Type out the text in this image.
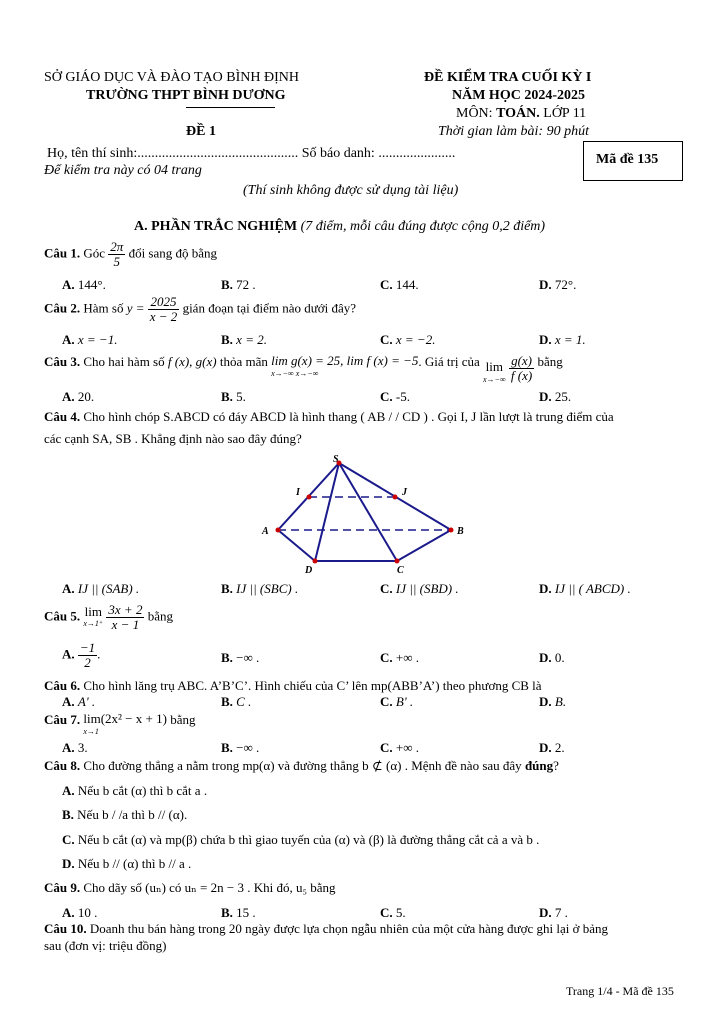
SỞ GIÁO DỤC VÀ ĐÀO TẠO BÌNH ĐỊNH
TRƯỜNG THPT BÌNH DƯƠNG
ĐỀ KIỂM TRA CUỐI KỲ I
NĂM HỌC 2024-2025
MÔN: TOÁN. LỚP 11
ĐỀ 1	Thời gian làm bài: 90 phút
Mã đề 135
Họ, tên thí sinh:.............................................. Số báo danh: ......................
Để kiểm tra này có 04 trang
(Thí sinh không được sử dụng tài liệu)
A. PHẦN TRẮC NGHIỆM (7 điểm, mỗi câu đúng được cộng 0,2 điểm)
Câu 1. Góc $\frac{2\pi}{5}$ đổi sang độ bằng
A. 144°.	B. 72 .	C. 144.	D. 72°.
Câu 2. Hàm số $y = \frac{2025}{x - 2}$ gián đoạn tại điểm nào dưới đây?
A. x = −1.	B. x = 2.	C. x = −2.	D. x = 1.
Câu 3. Cho hai hàm số f (x), g(x) thỏa mãn lim g(x) = 25, lim f (x) = −5
x→−∞ x→−∞
. Giá trị của lim
x→−∞
$\frac{g(x)}{f (x)}$ bằng
A. 20.	B. 5.	C. -5.	D. 25.
Câu 4. Cho hình chóp S.ABCD có đáy ABCD là hình thang ( AB / / CD ) . Gọi I, J lần lượt là trung điểm của
các cạnh SA, SB . Khẳng định nào sao đây đúng?
S
I	J
A	B
D	C
A. IJ || (SAB) .	B. IJ || (SBC) .	C. IJ || (SBD) .	D. IJ || ( ABCD) .
Câu 5. lim
x→1⁺
$\frac{3x + 2}{x - 1}$ bằng
A. $\frac{-1}{2}$ .	B. −∞ .	C. +∞ .	D. 0.
Câu 6. Cho hình lăng trụ ABC. A’B’C’. Hình chiếu của C’ lên mp(ABB’A’) theo phương CB là
A. A' .	B. C .	C. B' .	D. B.
Câu 7. lim(2x² − x + 1)
x→1
bằng
A. 3.	B. −∞ .	C. +∞ .	D. 2.
Câu 8. Cho đường thẳng a nằm trong mp(α) và đường thẳng b ⊄ (α) . Mệnh đề nào sau đây đúng?
A. Nếu b cắt (α) thì b cắt a .
B. Nếu b / /a thì b // (α).
C. Nếu b cắt (α) và mp(β) chứa b thì giao tuyến của (α) và (β) là đường thẳng cắt cả a và b .
D. Nếu b // (α) thì b // a .
Câu 9. Cho dãy số (uₙ) có uₙ = 2n − 3 . Khi đó, u₅ bằng
A. 10 .	B. 15 .	C. 5.	D. 7 .
Câu 10. Doanh thu bán hàng trong 20 ngày được lựa chọn ngẫu nhiên của một cửa hàng được ghi lại ở bảng
sau (đơn vị: triệu đồng)
Trang 1/4 - Mã đề 135
